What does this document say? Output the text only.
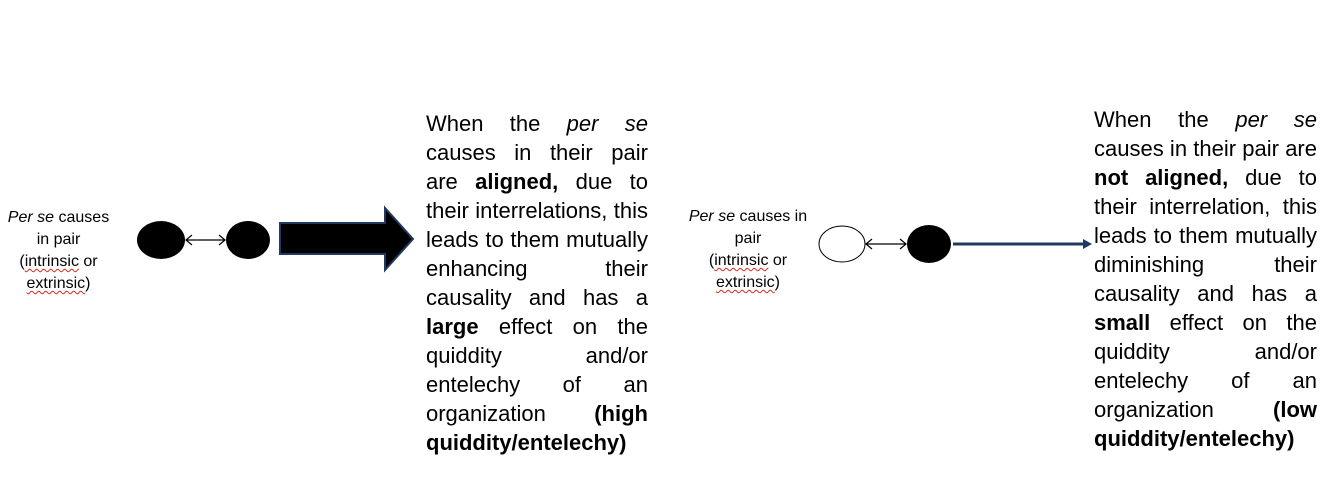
Per se causes in pair
(intrinsic or
extrinsic)
When the per se causes in their pair are aligned, due to their interrelations, this leads to them mutually enhancing their causality and has a large effect on the quiddity and/or entelechy of an organization (high quiddity/entelechy)
Per se causes in pair
(intrinsic or
extrinsic)
When the per se causes in their pair are not aligned, due to their interrelation, this leads to them mutually diminishing their causality and has a small effect on the quiddity and/or entelechy of an organization (low quiddity/entelechy)
